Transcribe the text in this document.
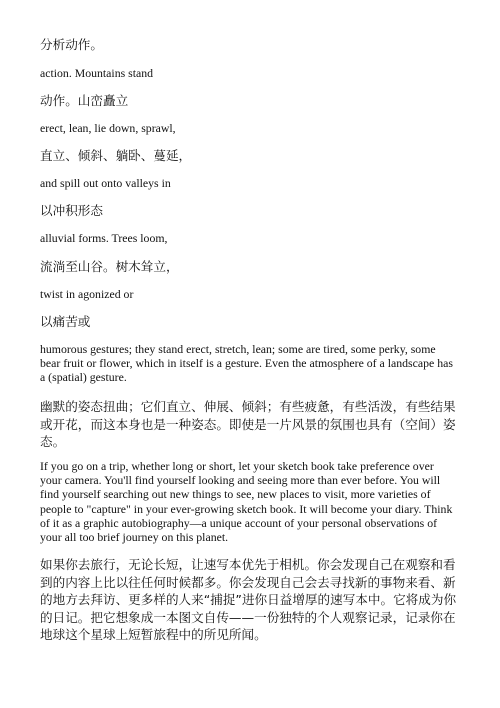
分析动作。

action. Mountains stand

动作。山峦矗立

erect, lean, lie down, sprawl,

直立、倾斜、躺卧、蔓延，

and spill out onto valleys in

以冲积形态

alluvial forms. Trees loom,

流淌至山谷。树木耸立，

twist in agonized or

以痛苦或

humorous gestures; they stand erect, stretch, lean; some are tired, some perky, some bear fruit or flower, which in itself is a gesture. Even the atmosphere of a landscape has a (spatial) gesture.

幽默的姿态扭曲；它们直立、伸展、倾斜；有些疲惫，有些活泼，有些结果或开花，而这本身也是一种姿态。即使是一片风景的氛围也具有（空间）姿态。

If you go on a trip, whether long or short, let your sketch book take preference over your camera. You'll find yourself looking and seeing more than ever before. You will find yourself searching out new things to see, new places to visit, more varieties of people to "capture" in your ever-growing sketch book. It will become your diary. Think of it as a graphic autobiography—a unique account of your personal observations of your all too brief journey on this planet.

如果你去旅行，无论长短，让速写本优先于相机。你会发现自己在观察和看到的内容上比以往任何时候都多。你会发现自己会去寻找新的事物来看、新的地方去拜访、更多样的人来“捕捉”进你日益增厚的速写本中。它将成为你的日记。把它想象成一本图文自传——一份独特的个人观察记录，记录你在地球这个星球上短暂旅程中的所见所闻。
